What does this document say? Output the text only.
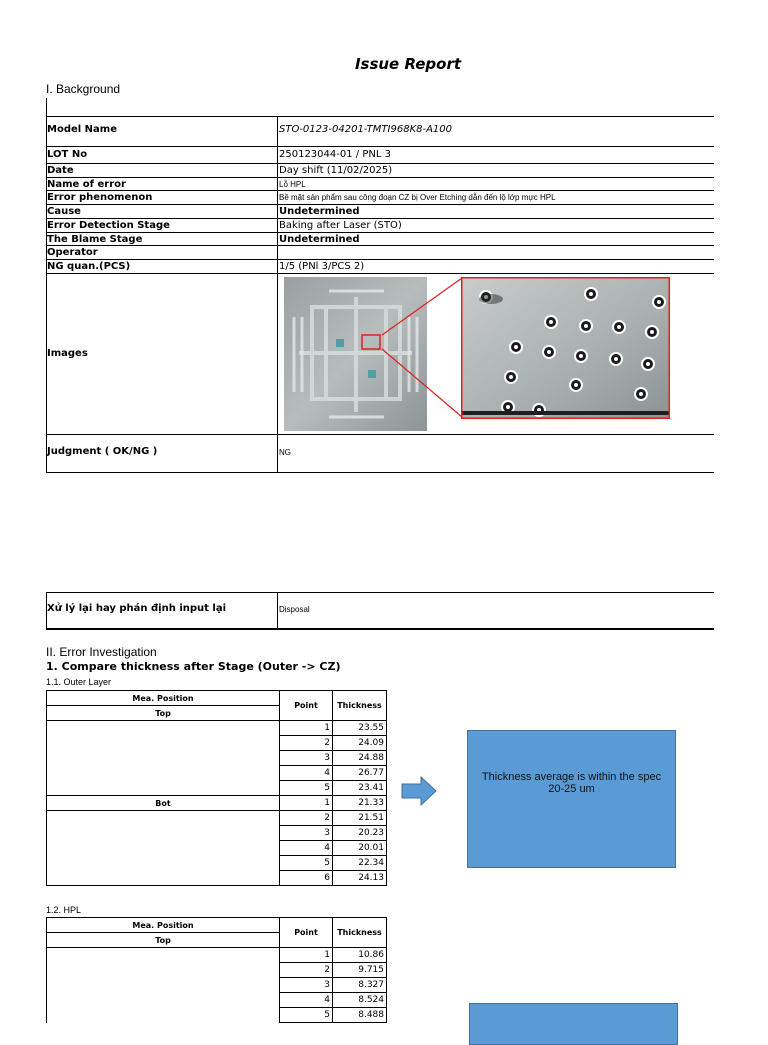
Issue Report
I. Background
Model Name	STO-0123-04201-TMTI968K8-A100
LOT No	250123044-01 / PNL 3
Date	Day shift (11/02/2025)
Name of error	Lỗ HPL
Error phenomenon	Bề mặt sản phẩm sau công đoạn CZ bị Over Etching dẫn đến lộ lớp mực HPL
Cause	Undetermined
Error Detection Stage	Baking after Laser (STO)
The Blame Stage	Undetermined
Operator
NG quan.(PCS)	1/5 (PNl 3/PCS 2)
Images
Judgment ( OK/NG )	NG
Xử lý lại hay phán định input lại	Disposal
II. Error Investigation
1. Compare thickness after Stage (Outer -> CZ)
1.1. Outer Layer
Mea. Position	Point	Thickness
Top		
	1	23.55
	2	24.09
	3	24.88
	4	26.77
	5	23.41
Bot	1	21.33
	2	21.51
	3	20.23
	4	20.01
	5	22.34
	6	24.13
Thickness average is within the spec 20-25 um
1.2. HPL
Mea. Position	Point	Thickness
Top		
	1	10.86
	2	9.715
	3	8.327
	4	8.524
	5	8.488
